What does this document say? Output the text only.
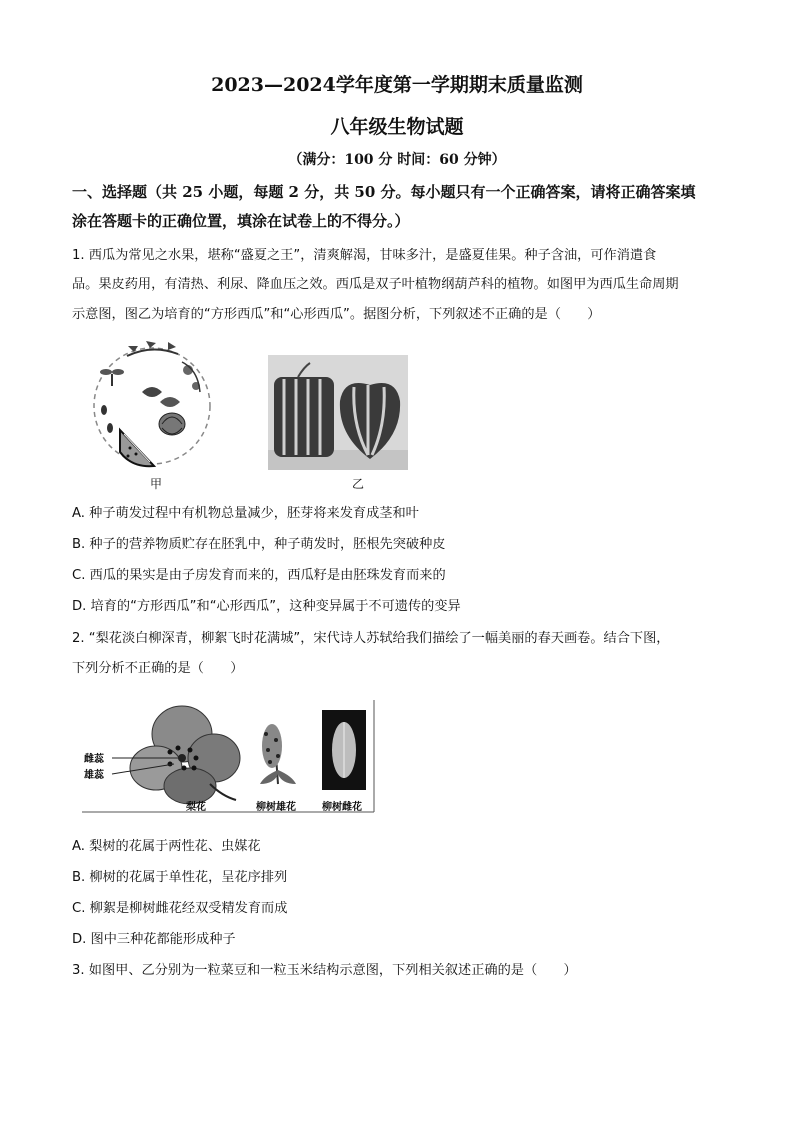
2023—2024学年度第一学期期末质量监测
八年级生物试题
（满分：100 分 时间：60 分钟）
一、选择题（共 25 小题，每题 2 分，共 50 分。每小题只有一个正确答案，请将正确答案填
涂在答题卡的正确位置，填涂在试卷上的不得分。）
1. 西瓜为常见之水果，堪称“盛夏之王”，清爽解渴，甘味多汁，是盛夏佳果。种子含油，可作消遣食
品。果皮药用，有清热、利尿、降血压之效。西瓜是双子叶植物纲葫芦科的植物。如图甲为西瓜生命周期
示意图，图乙为培育的“方形西瓜”和“心形西瓜”。据图分析，下列叙述不正确的是（　　）
甲	乙
A. 种子萌发过程中有机物总量减少，胚芽将来发育成茎和叶
B. 种子的营养物质贮存在胚乳中，种子萌发时，胚根先突破种皮
C. 西瓜的果实是由子房发育而来的，西瓜籽是由胚珠发育而来的
D. 培育的“方形西瓜”和“心形西瓜”，这种变异属于不可遗传的变异
2. “梨花淡白柳深青，柳絮飞时花满城”，宋代诗人苏轼给我们描绘了一幅美丽的春天画卷。结合下图，
下列分析不正确的是（　　）
雌蕊
雄蕊
梨花	柳树雄花	柳树雌花
A. 梨树的花属于两性花、虫媒花
B. 柳树的花属于单性花，呈花序排列
C. 柳絮是柳树雌花经双受精发育而成
D. 图中三种花都能形成种子
3. 如图甲、乙分别为一粒菜豆和一粒玉米结构示意图，下列相关叙述正确的是（　　）
